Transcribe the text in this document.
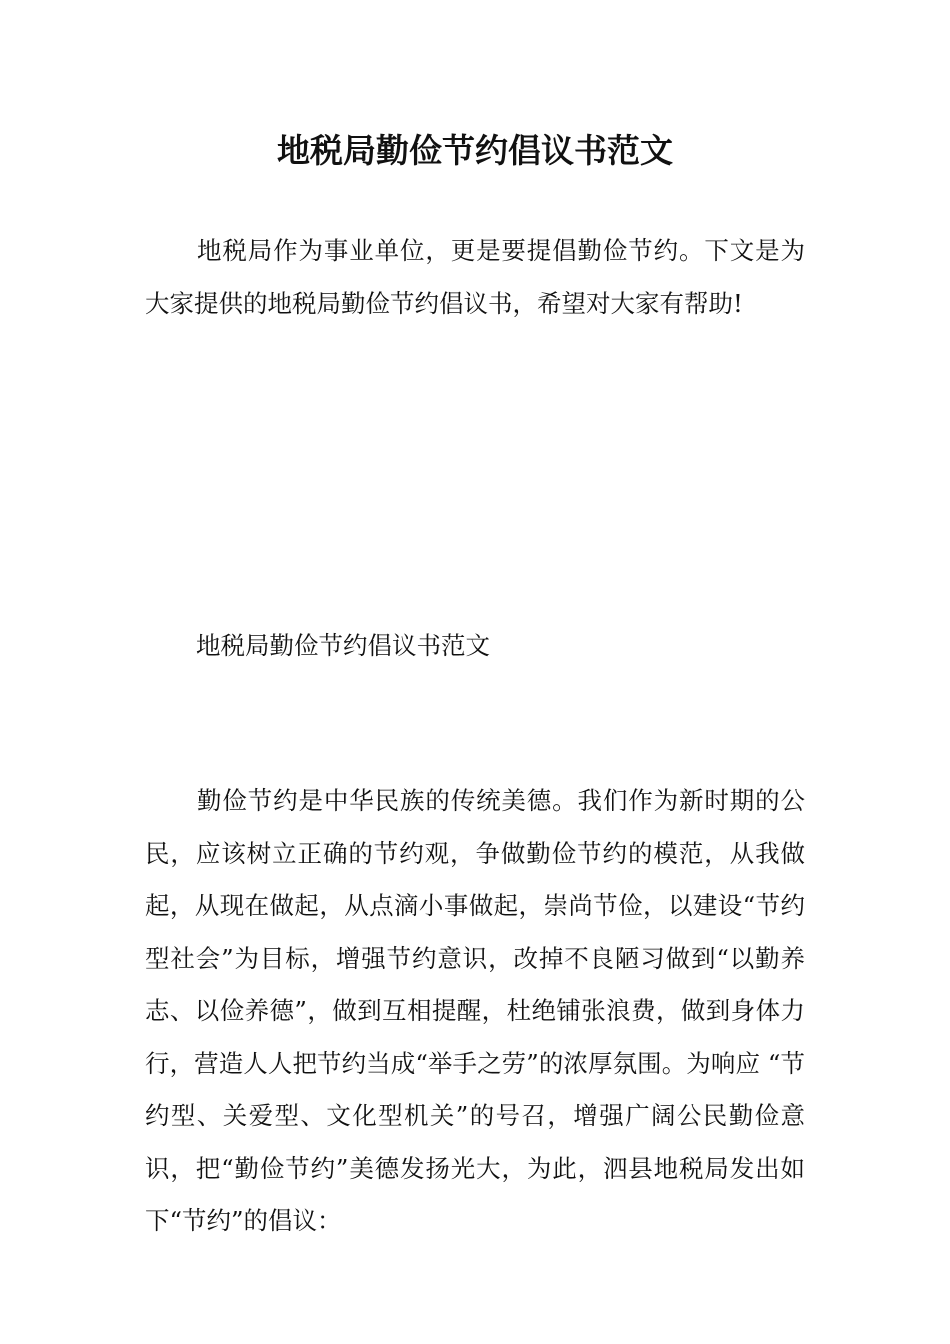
地税局勤俭节约倡议书范文

地税局作为事业单位，更是要提倡勤俭节约。下文是为大家提供的地税局勤俭节约倡议书，希望对大家有帮助!

地税局勤俭节约倡议书范文

勤俭节约是中华民族的传统美德。我们作为新时期的公民，应该树立正确的节约观，争做勤俭节约的模范，从我做起，从现在做起，从点滴小事做起，崇尚节俭，以建设“节约型社会”为目标，增强节约意识，改掉不良陋习做到“以勤养志、以俭养德”，做到互相提醒，杜绝铺张浪费，做到身体力行，营造人人把节约当成“举手之劳”的浓厚氛围。为响应 “节约型、关爱型、文化型机关”的号召，增强广阔公民勤俭意识，把“勤俭节约”美德发扬光大，为此，泗县地税局发出如下“节约”的倡议：
